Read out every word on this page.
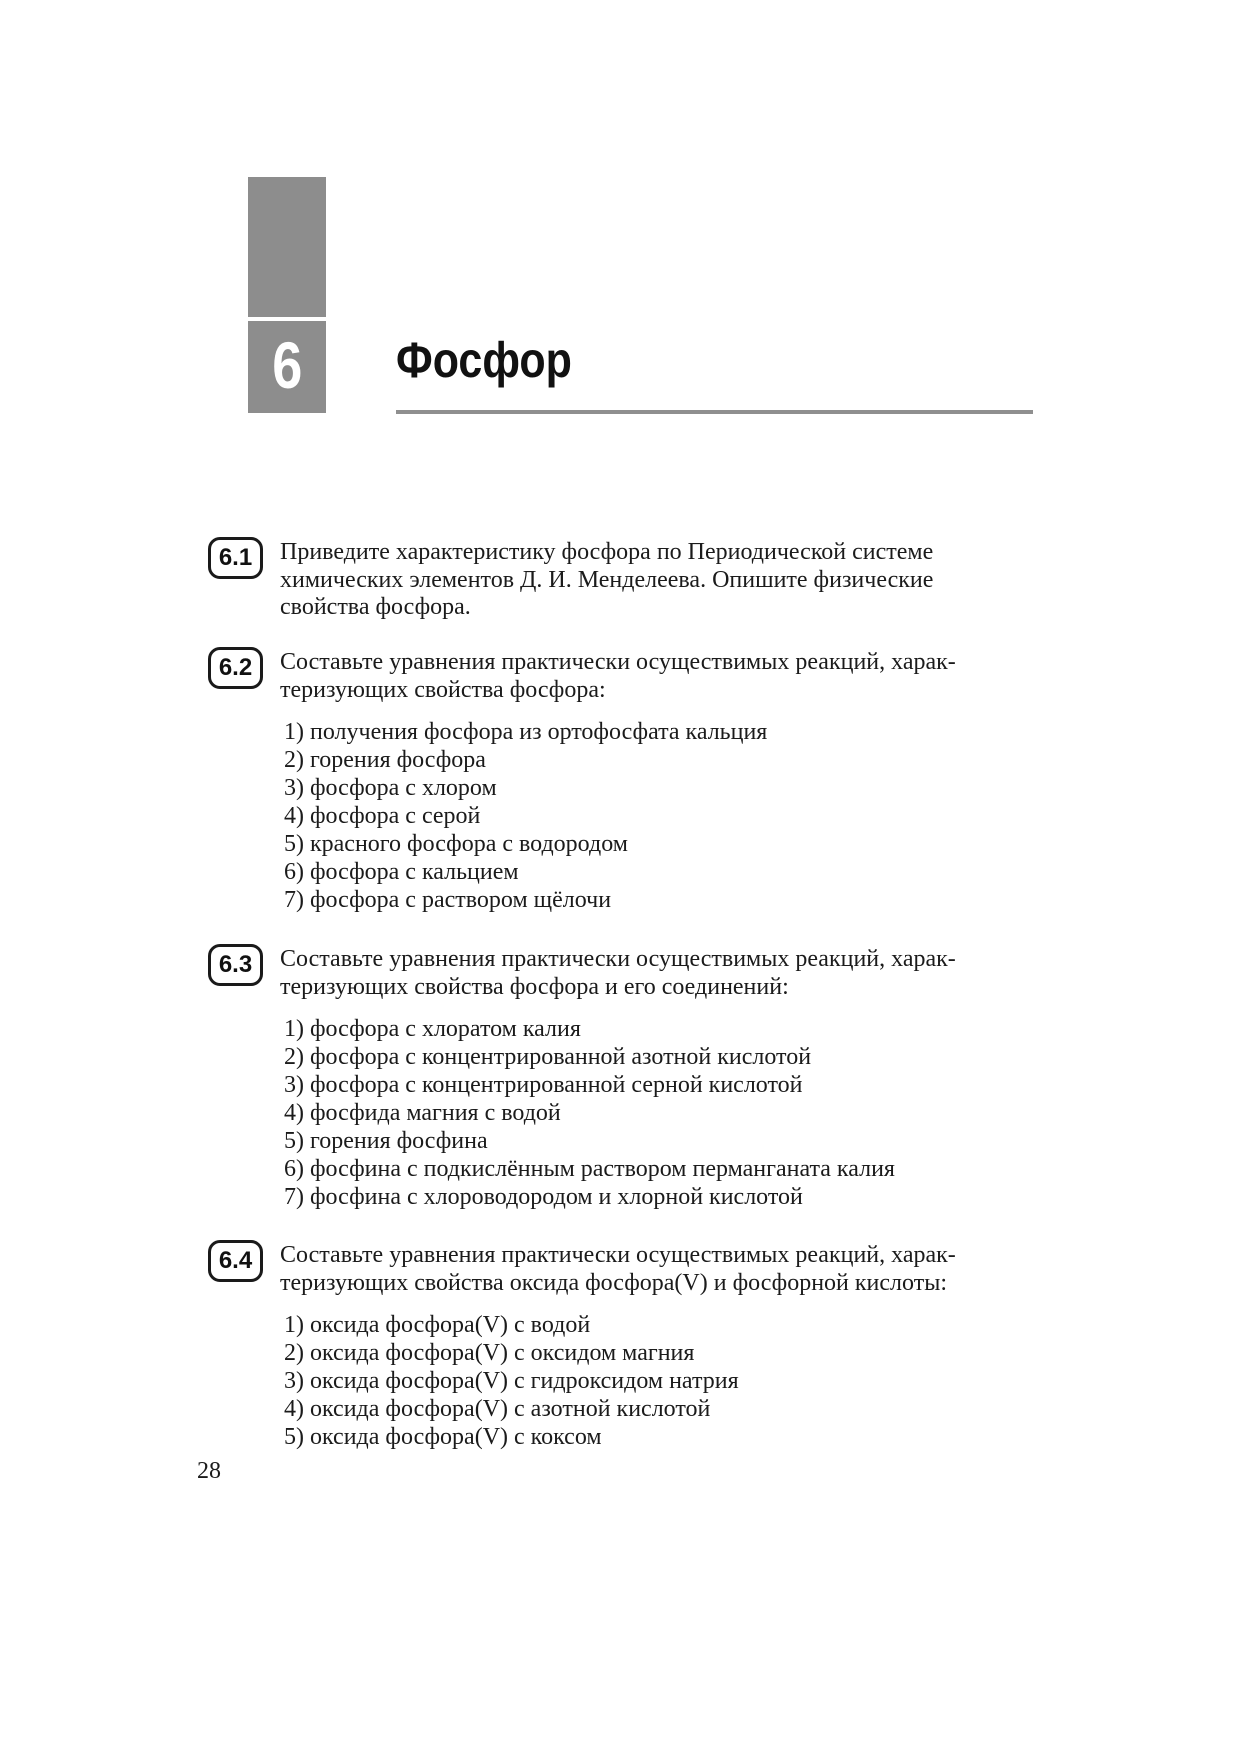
6 Фосфор
6.1 Приведите характеристику фосфора по Периодической системе
химических элементов Д. И. Менделеева. Опишите физические
свойства фосфора.
6.2 Составьте уравнения практически осуществимых реакций, харак-
теризующих свойства фосфора:
1) получения фосфора из ортофосфата кальция
2) горения фосфора
3) фосфора с хлором
4) фосфора с серой
5) красного фосфора с водородом
6) фосфора с кальцием
7) фосфора с раствором щёлочи
6.3 Составьте уравнения практически осуществимых реакций, харак-
теризующих свойства фосфора и его соединений:
1) фосфора с хлоратом калия
2) фосфора с концентрированной азотной кислотой
3) фосфора с концентрированной серной кислотой
4) фосфида магния с водой
5) горения фосфина
6) фосфина с подкислённым раствором перманганата калия
7) фосфина с хлороводородом и хлорной кислотой
6.4 Составьте уравнения практически осуществимых реакций, харак-
теризующих свойства оксида фосфора(V) и фосфорной кислоты:
1) оксида фосфора(V) с водой
2) оксида фосфора(V) с оксидом магния
3) оксида фосфора(V) с гидроксидом натрия
4) оксида фосфора(V) с азотной кислотой
5) оксида фосфора(V) с коксом
28
